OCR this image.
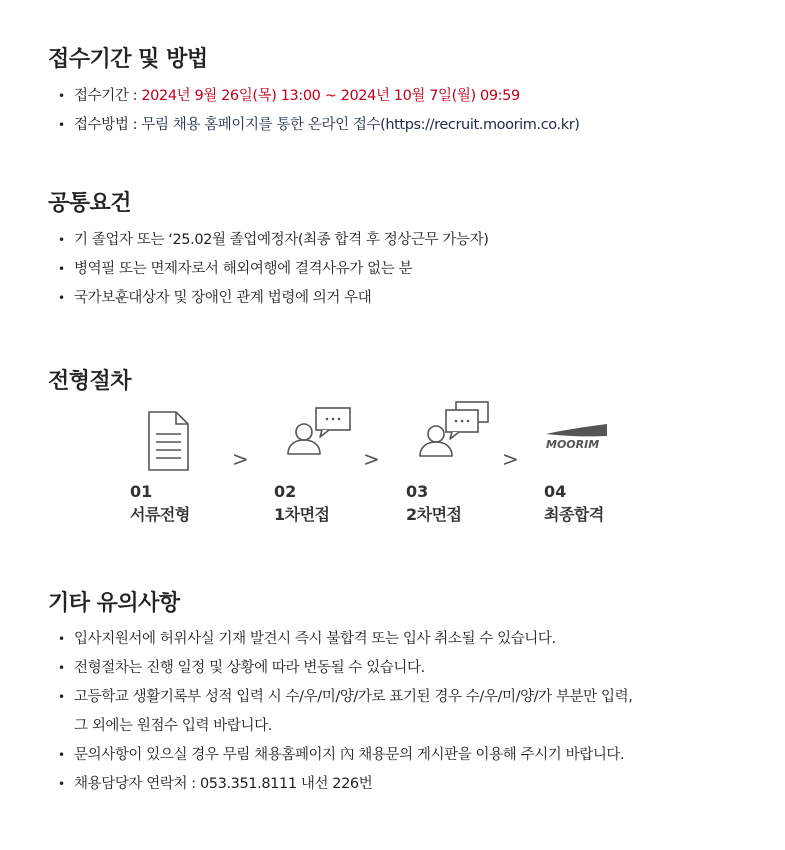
접수기간 및 방법
• 접수기간 : 2024년 9월 26일(목) 13:00 ~ 2024년 10월 7일(월) 09:59
• 접수방법 : 무림 채용 홈페이지를 통한 온라인 접수(https://recruit.moorim.co.kr)
공통요건
• 기 졸업자 또는 ‘25.02월 졸업예정자(최종 합격 후 정상근무 가능자)
• 병역필 또는 면제자로서 해외여행에 결격사유가 없는 분
• 국가보훈대상자 및 장애인 관계 법령에 의거 우대
전형절차
01
서류전형
>
02
1차면접
>
03
2차면접
>
MOORIM
04
최종합격
기타 유의사항
• 입사지원서에 허위사실 기재 발견시 즉시 불합격 또는 입사 취소될 수 있습니다.
• 전형절차는 진행 일정 및 상황에 따라 변동될 수 있습니다.
• 고등학교 생활기록부 성적 입력 시 수/우/미/양/가로 표기된 경우 수/우/미/양/가 부분만 입력,
그 외에는 원점수 입력 바랍니다.
• 문의사항이 있으실 경우 무림 채용홈페이지 內 채용문의 게시판을 이용해 주시기 바랍니다.
• 채용담당자 연락처 : 053.351.8111 내선 226번
